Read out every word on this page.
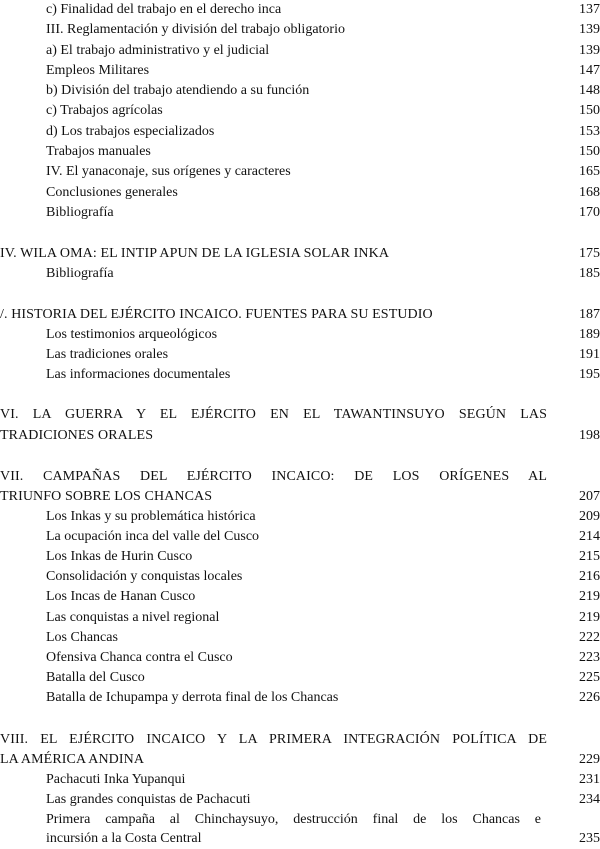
c) Finalidad del trabajo en el derecho inca	137
III. Reglamentación y división del trabajo obligatorio	139
a) El trabajo administrativo y el judicial	139
Empleos Militares	147
b) División del trabajo atendiendo a su función	148
c) Trabajos agrícolas	150
d) Los trabajos especializados	153
Trabajos manuales	150
IV. El yanaconaje, sus orígenes y caracteres	165
Conclusiones generales	168
Bibliografía	170
IV. WILA OMA: EL INTIP APUN DE LA IGLESIA SOLAR INKA	175
Bibliografía	185
/. HISTORIA DEL EJÉRCITO INCAICO. FUENTES PARA SU ESTUDIO	187
Los testimonios arqueológicos	189
Las tradiciones orales	191
Las informaciones documentales	195
VI. LA GUERRA Y EL EJÉRCITO EN EL TAWANTINSUYO SEGÚN LAS
TRADICIONES ORALES	198
VII. CAMPAÑAS DEL EJÉRCITO INCAICO: DE LOS ORÍGENES AL
TRIUNFO SOBRE LOS CHANCAS	207
Los Inkas y su problemática histórica	209
La ocupación inca del valle del Cusco	214
Los Inkas de Hurin Cusco	215
Consolidación y conquistas locales	216
Los Incas de Hanan Cusco	219
Las conquistas a nivel regional	219
Los Chancas	222
Ofensiva Chanca contra el Cusco	223
Batalla del Cusco	225
Batalla de Ichupampa y derrota final de los Chancas	226
VIII. EL EJÉRCITO INCAICO Y LA PRIMERA INTEGRACIÓN POLÍTICA DE
LA AMÉRICA ANDINA	229
Pachacuti Inka Yupanqui	231
Las grandes conquistas de Pachacuti	234
Primera campaña al Chinchaysuyo, destrucción final de los Chancas e
incursión a la Costa Central	235
